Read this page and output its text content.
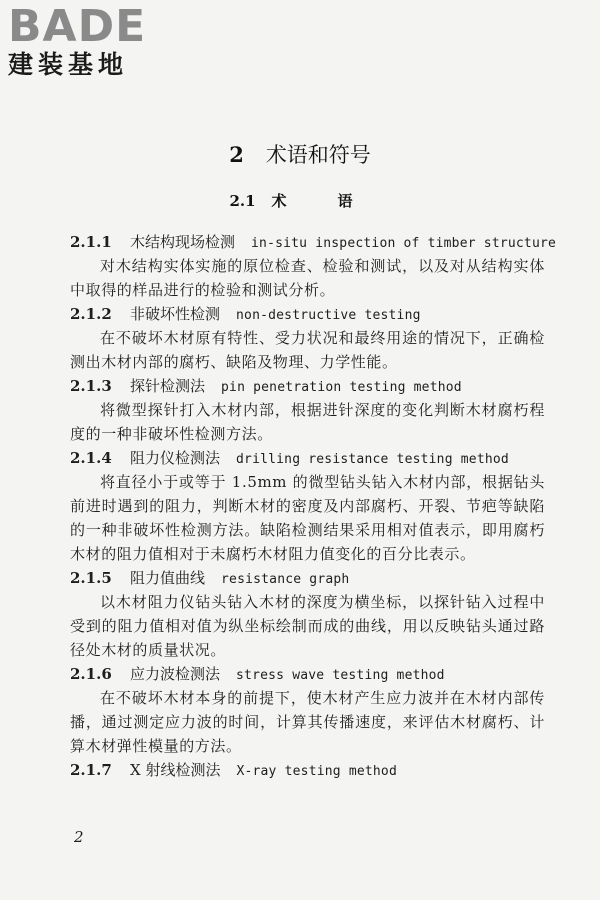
BADE
建装基地
2 术语和符号
2.1 术　语
2.1.1 木结构现场检测 in-situ inspection of timber structure

对木结构实体实施的原位检查、检验和测试，以及对从结构实体中取得的样品进行的检验和测试分析。

2.1.2 非破坏性检测 non-destructive testing

在不破坏木材原有特性、受力状况和最终用途的情况下，正确检测出木材内部的腐朽、缺陷及物理、力学性能。

2.1.3 探针检测法 pin penetration testing method

将微型探针打入木材内部，根据进针深度的变化判断木材腐朽程度的一种非破坏性检测方法。

2.1.4 阻力仪检测法 drilling resistance testing method

将直径小于或等于 1.5mm 的微型钻头钻入木材内部，根据钻头前进时遇到的阻力，判断木材的密度及内部腐朽、开裂、节疤等缺陷的一种非破坏性检测方法。缺陷检测结果采用相对值表示，即用腐朽木材的阻力值相对于未腐朽木材阻力值变化的百分比表示。

2.1.5 阻力值曲线 resistance graph

以木材阻力仪钻头钻入木材的深度为横坐标，以探针钻入过程中受到的阻力值相对值为纵坐标绘制而成的曲线，用以反映钻头通过路径处木材的质量状况。

2.1.6 应力波检测法 stress wave testing method

在不破坏木材本身的前提下，使木材产生应力波并在木材内部传播，通过测定应力波的时间，计算其传播速度，来评估木材腐朽、计算木材弹性模量的方法。

2.1.7 X 射线检测法 X-ray testing method
2
